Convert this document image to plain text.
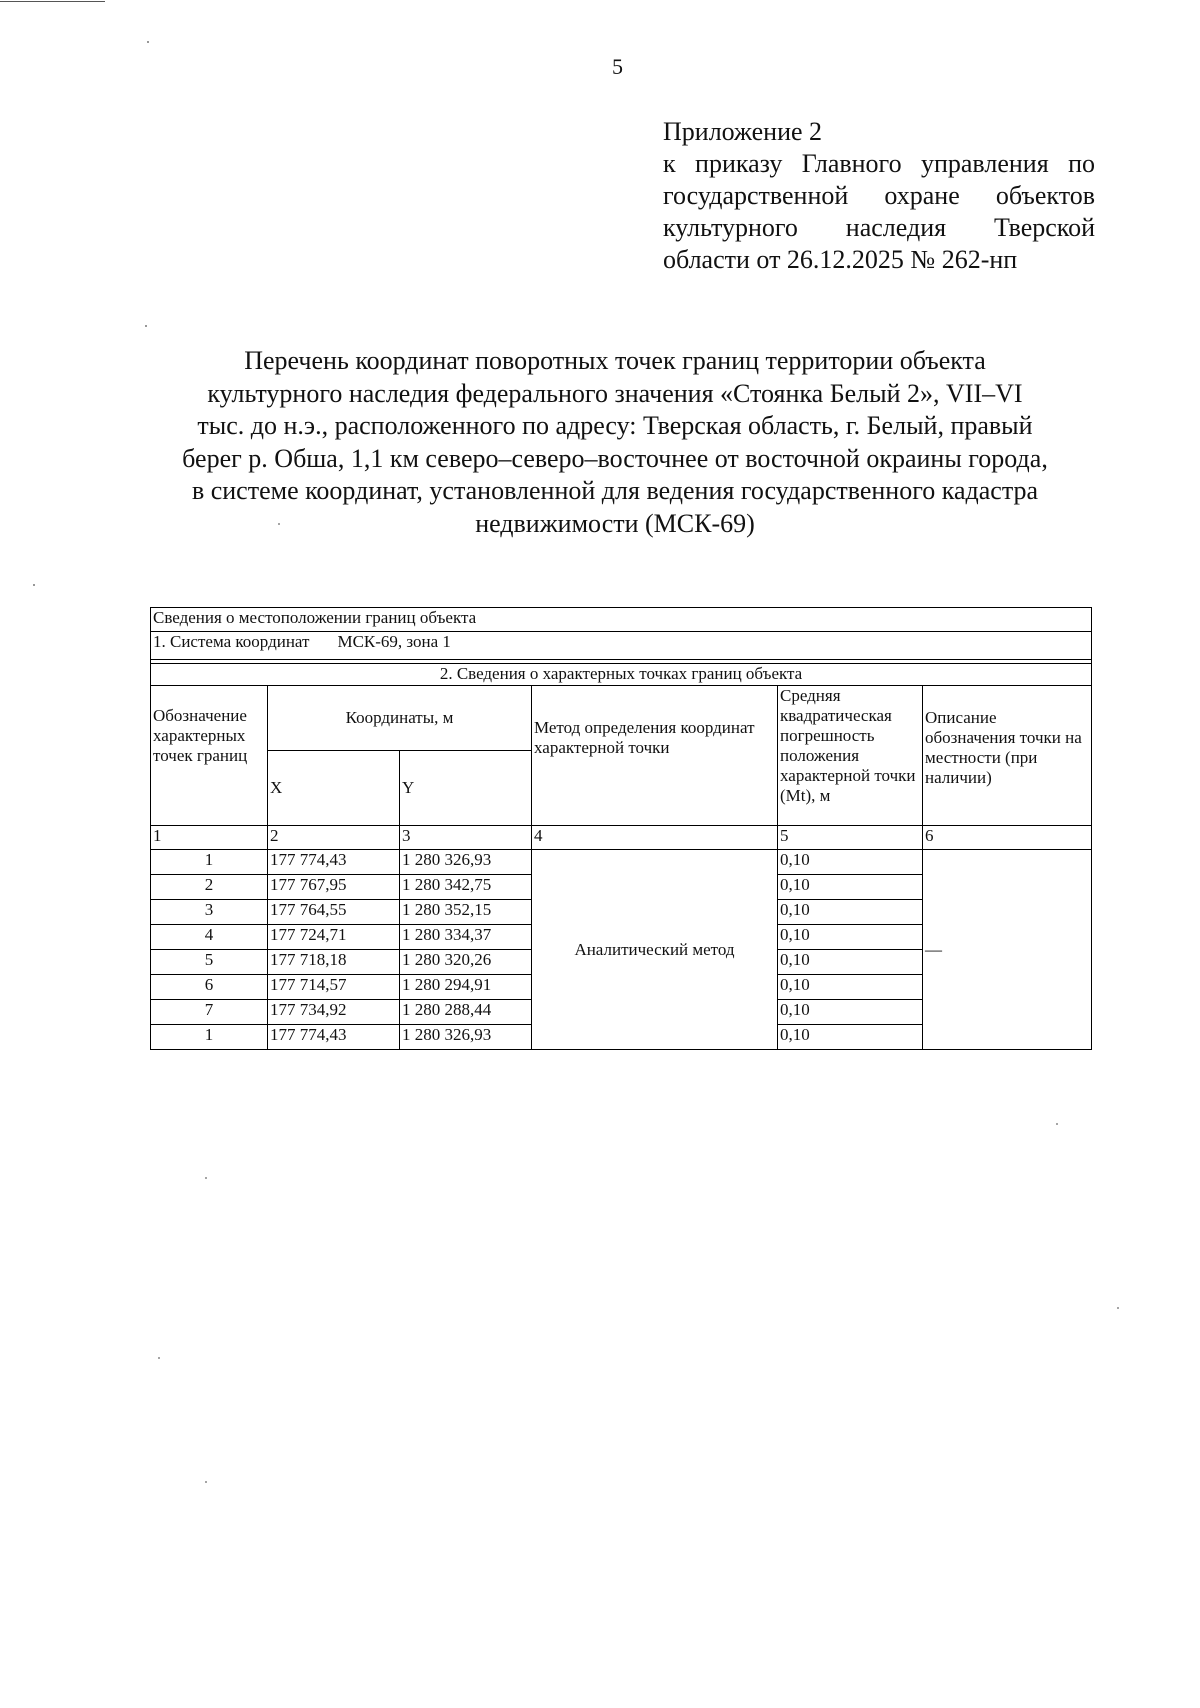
5
Приложение 2
к приказу Главного управления по
государственной охране объектов
культурного наследия Тверской
области от 26.12.2025 № 262-нп
Перечень координат поворотных точек границ территории объекта
культурного наследия федерального значения «Стоянка Белый 2», VII–VI
тыс. до н.э., расположенного по адресу: Тверская область, г. Белый, правый
берег р. Обша, 1,1 км северо–северо–восточнее от восточной окраины города,
в системе координат, установленной для ведения государственного кадастра
недвижимости (МСК-69)
Сведения о местоположении границ объекта					
1. Система координат МСК-69, зона 1					

2. Сведения о характерных точках границ объекта					
Обозначение характерных точек границ	Координаты, м		Метод определения координат характерной точки	Средняя квадратическая погрешность положения характерной точки (Mt), м	Описание обозначения точки на местности (при наличии)
	X	Y			
1	2	3	4	5	6
1	177 774,43	1 280 326,93	Аналитический метод	0,10	—
2	177 767,95	1 280 342,75		0,10	
3	177 764,55	1 280 352,15		0,10	
4	177 724,71	1 280 334,37		0,10	
5	177 718,18	1 280 320,26		0,10	
6	177 714,57	1 280 294,91		0,10	
7	177 734,92	1 280 288,44		0,10	
1	177 774,43	1 280 326,93		0,10	
